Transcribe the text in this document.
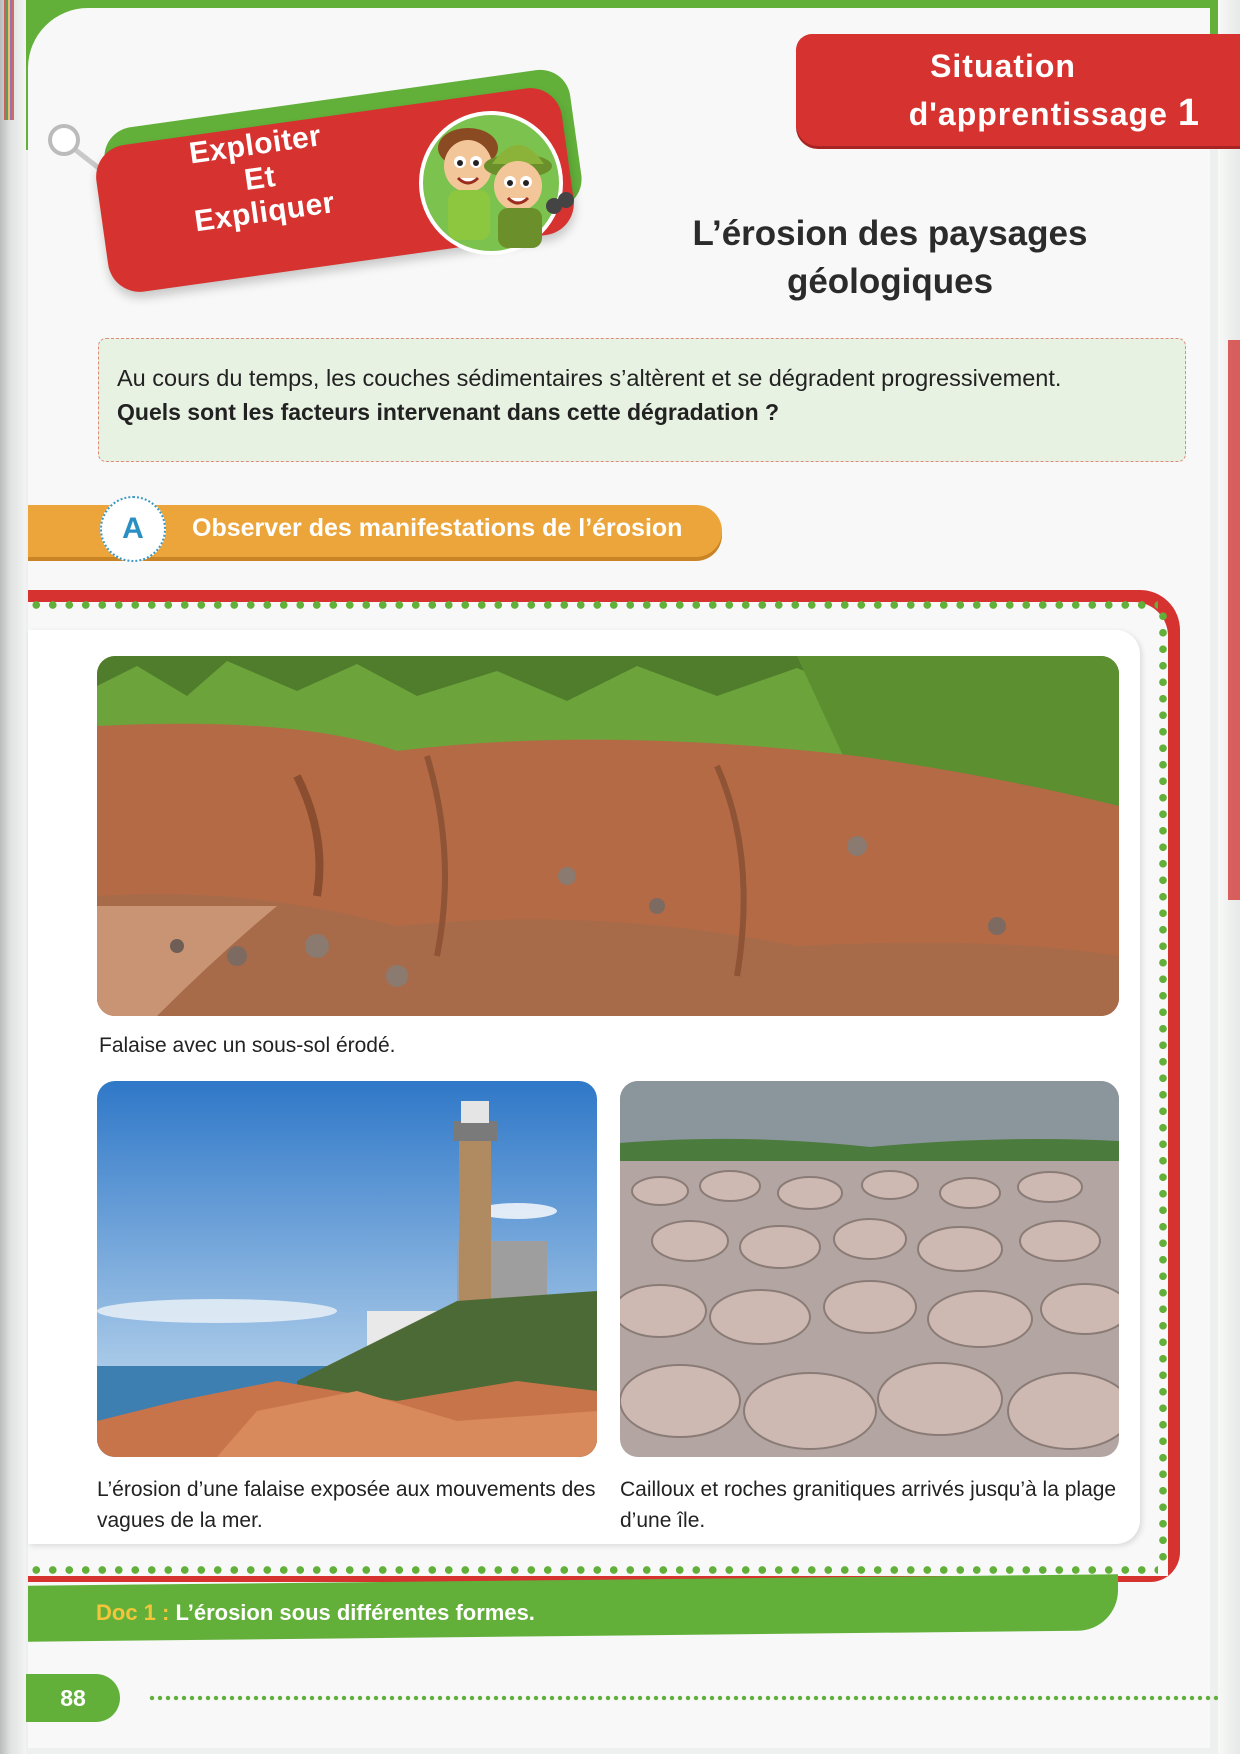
Situation
d'apprentissage 1
Exploiter
Et
Expliquer	L’érosion des paysages
géologiques
Au cours du temps, les couches sédimentaires s’altèrent et se dégradent progressivement.
Quels sont les facteurs intervenant dans cette dégradation ?
A	Observer des manifestations de l’érosion
Falaise avec un sous-sol érodé.
L’érosion d’une falaise exposée aux mouvements des vagues de la mer.
Cailloux et roches granitiques arrivés jusqu’à la plage d’une île.
Doc 1 : L’érosion sous différentes formes.
88
